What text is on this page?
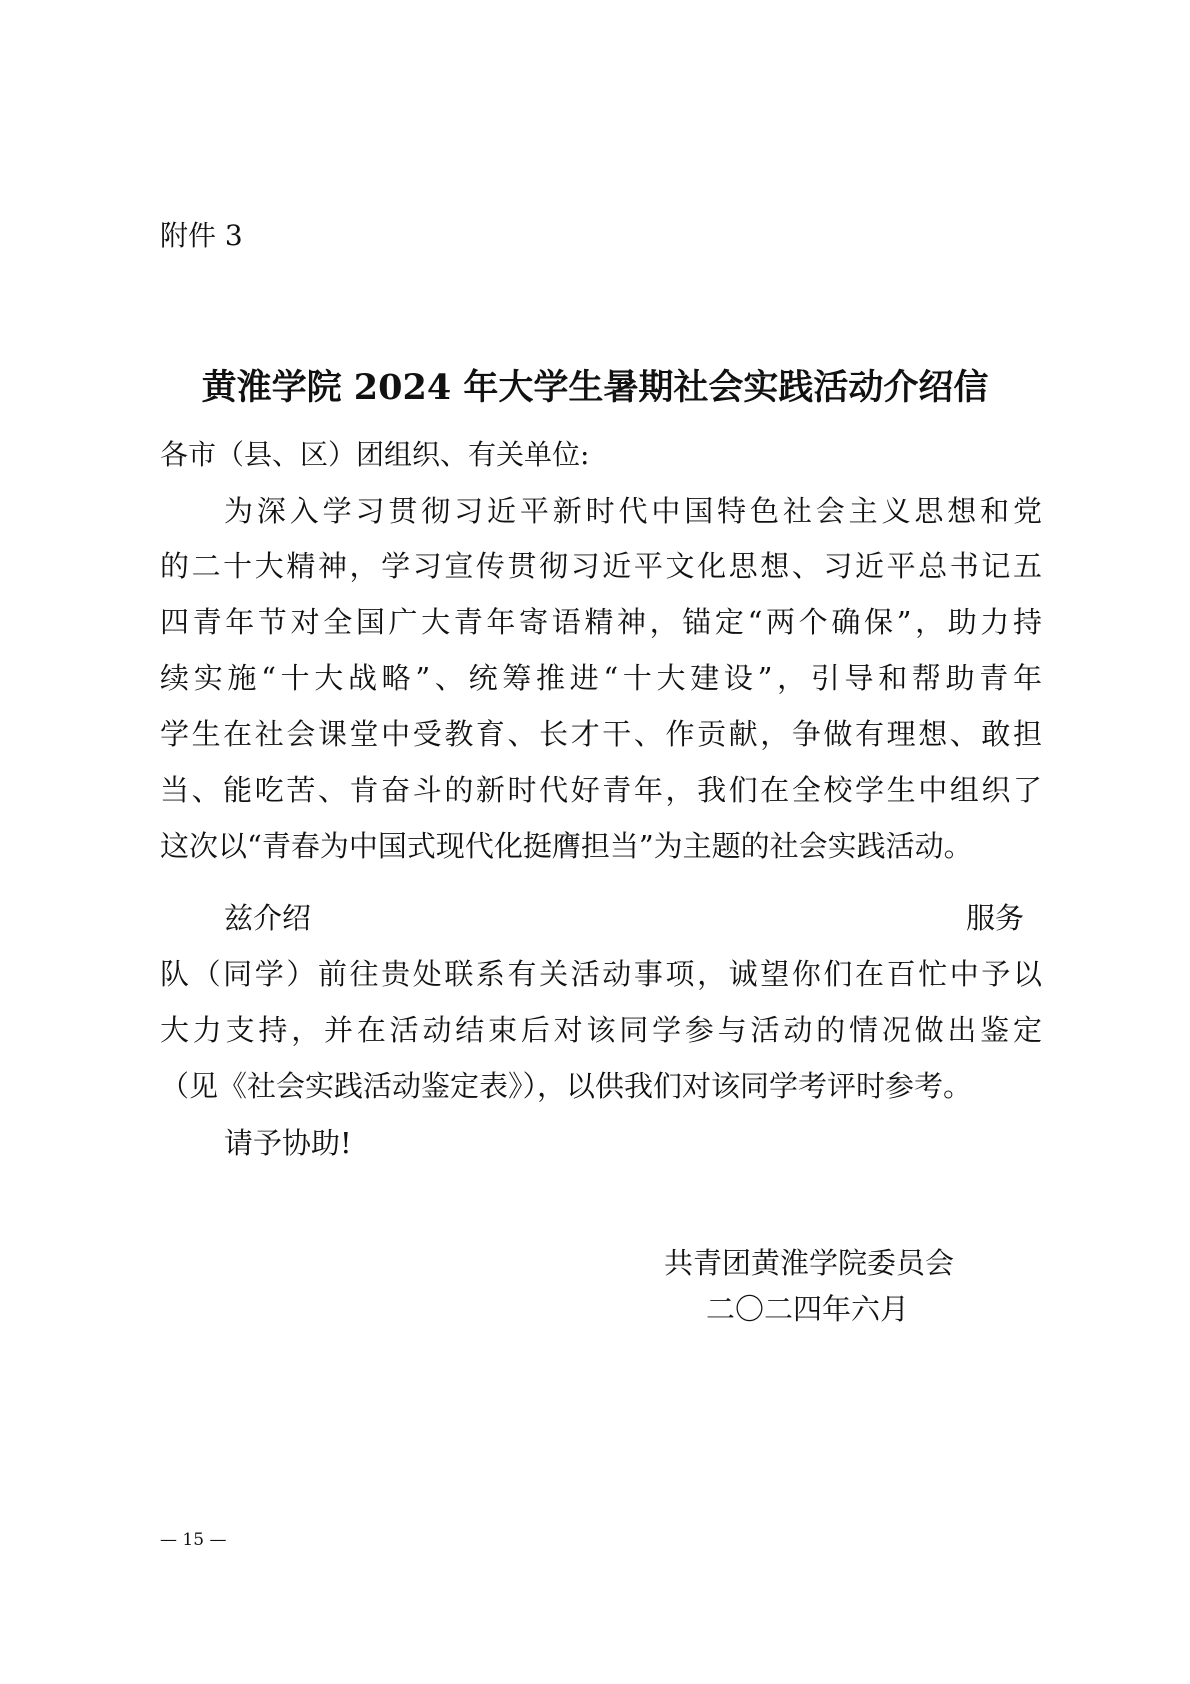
附件 3
黄淮学院 2024 年大学生暑期社会实践活动介绍信
各市（县、区）团组织、有关单位:
为深入学习贯彻习近平新时代中国特色社会主义思想和党
的二十大精神，学习宣传贯彻习近平文化思想、习近平总书记五
四青年节对全国广大青年寄语精神，锚定“两个确保”，助力持
续实施“十大战略”、统筹推进“十大建设”，引导和帮助青年
学生在社会课堂中受教育、长才干、作贡献，争做有理想、敢担
当、能吃苦、肯奋斗的新时代好青年，我们在全校学生中组织了
这次以“青春为中国式现代化挺膺担当”为主题的社会实践活动。
兹介绍	服务
队（同学）前往贵处联系有关活动事项，诚望你们在百忙中予以
大力支持，并在活动结束后对该同学参与活动的情况做出鉴定
（见《社会实践活动鉴定表》），以供我们对该同学考评时参考。
请予协助!
共青团黄淮学院委员会
二〇二四年六月
— 15 —
